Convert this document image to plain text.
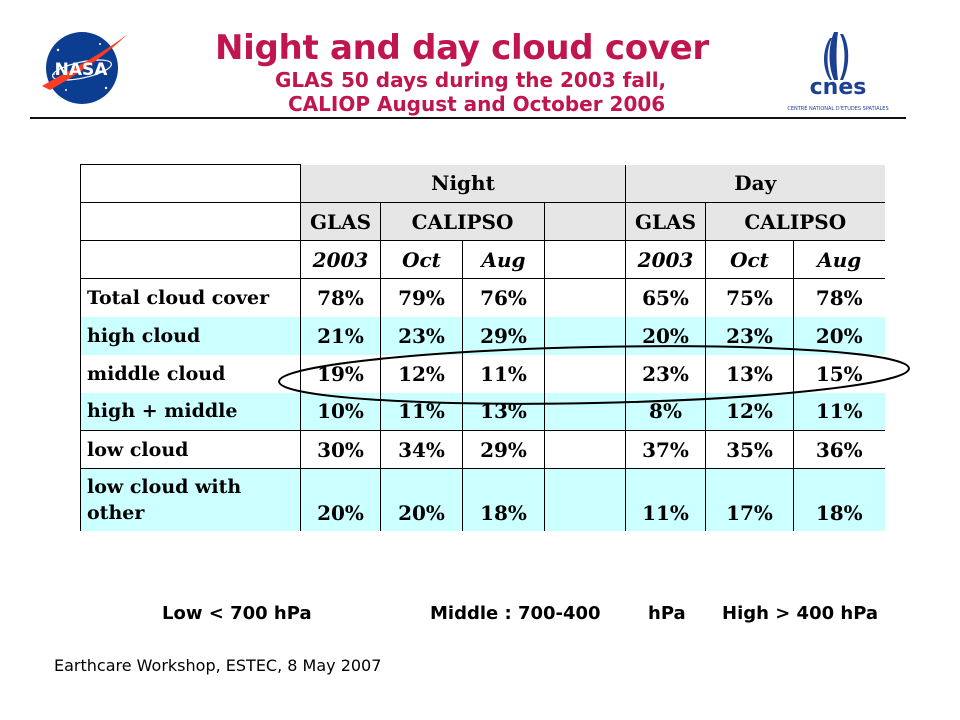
NASA
cnes
CENTRE NATIONAL D'ETUDES SPATIALES
Night and day cloud cover

GLAS 50 days during the 2003 fall,

CALIOP August and October 2006

	Night				Day		
	GLAS	CALIPSO			GLAS	CALIPSO	
	2003	Oct	Aug		2003	Oct	Aug
Total cloud cover	78%	79%	76%		65%	75%	78%
high cloud	21%	23%	29%		20%	23%	20%
middle cloud	19%	12%	11%		23%	13%	15%
high + middle	10%	11%	13%		8%	12%	11%
low cloud	30%	34%	29%		37%	35%	36%
low cloud with other	20%	20%	18%		11%	17%	18%

Low < 700 hPa	Middle : 700-400	hPa High > 400 hPa

Earthcare Workshop, ESTEC, 8 May 2007
